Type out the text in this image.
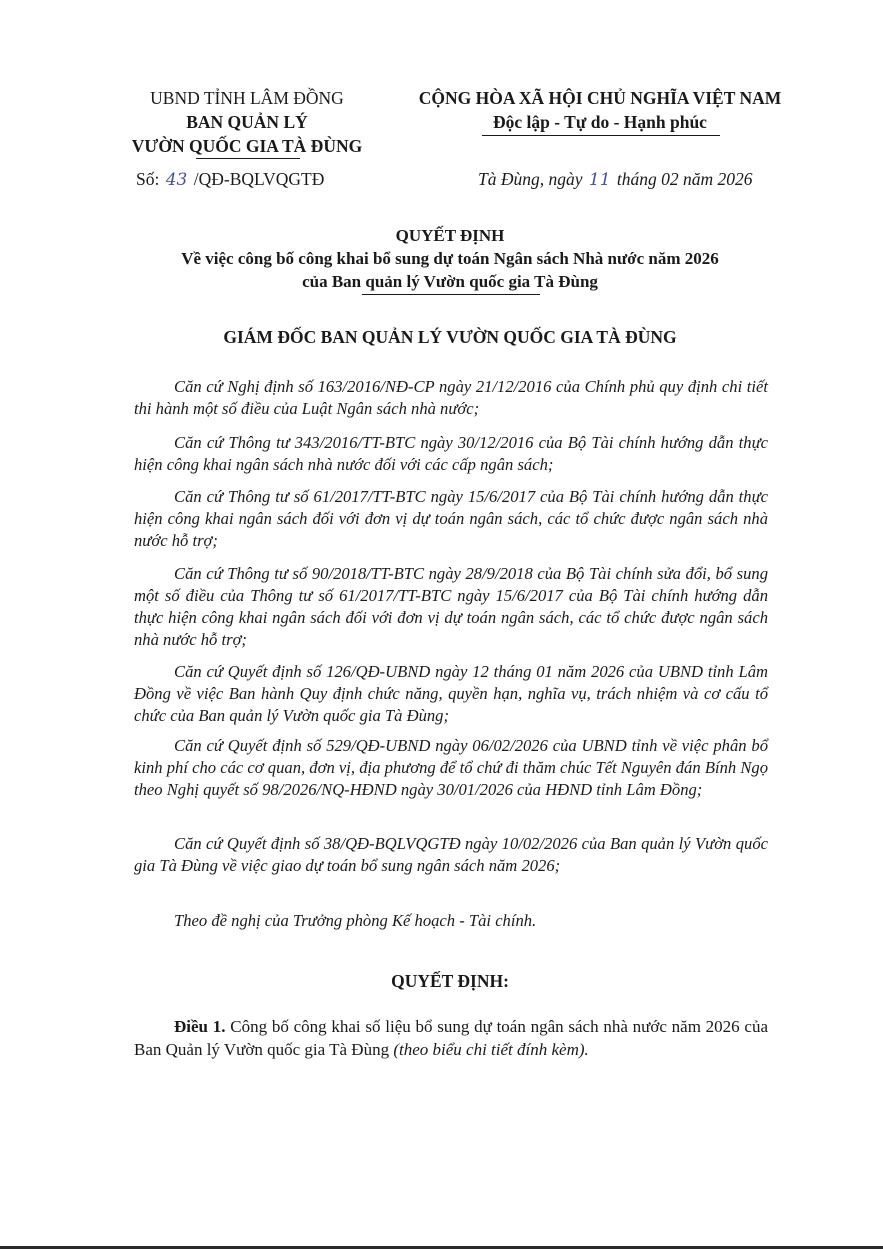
UBND TỈNH LÂM ĐỒNG
BAN QUẢN LÝ
VƯỜN QUỐC GIA TÀ ĐÙNG
Số: 43 /QĐ-BQLVQGTĐ
CỘNG HÒA XÃ HỘI CHỦ NGHĨA VIỆT NAM
Độc lập - Tự do - Hạnh phúc
Tà Đùng, ngày 11 tháng 02 năm 2026
QUYẾT ĐỊNH
Về việc công bố công khai bổ sung dự toán Ngân sách Nhà nước năm 2026
của Ban quản lý Vườn quốc gia Tà Đùng
GIÁM ĐỐC BAN QUẢN LÝ VƯỜN QUỐC GIA TÀ ĐÙNG
Căn cứ Nghị định số 163/2016/NĐ-CP ngày 21/12/2016 của Chính phủ quy định chi tiết thi hành một số điều của Luật Ngân sách nhà nước;
Căn cứ Thông tư 343/2016/TT-BTC ngày 30/12/2016 của Bộ Tài chính hướng dẫn thực hiện công khai ngân sách nhà nước đối với các cấp ngân sách;
Căn cứ Thông tư số 61/2017/TT-BTC ngày 15/6/2017 của Bộ Tài chính hướng dẫn thực hiện công khai ngân sách đối với đơn vị dự toán ngân sách, các tổ chức được ngân sách nhà nước hỗ trợ;
Căn cứ Thông tư số 90/2018/TT-BTC ngày 28/9/2018 của Bộ Tài chính sửa đổi, bổ sung một số điều của Thông tư số 61/2017/TT-BTC ngày 15/6/2017 của Bộ Tài chính hướng dẫn thực hiện công khai ngân sách đối với đơn vị dự toán ngân sách, các tổ chức được ngân sách nhà nước hỗ trợ;
Căn cứ Quyết định số 126/QĐ-UBND ngày 12 tháng 01 năm 2026 của UBND tỉnh Lâm Đồng về việc Ban hành Quy định chức năng, quyền hạn, nghĩa vụ, trách nhiệm và cơ cấu tổ chức của Ban quản lý Vườn quốc gia Tà Đùng;
Căn cứ Quyết định số 529/QĐ-UBND ngày 06/02/2026 của UBND tỉnh về việc phân bổ kinh phí cho các cơ quan, đơn vị, địa phương để tổ chứ đi thăm chúc Tết Nguyên đán Bính Ngọ theo Nghị quyết số 98/2026/NQ-HĐND ngày 30/01/2026 của HĐND tỉnh Lâm Đồng;
Căn cứ Quyết định số 38/QĐ-BQLVQGTĐ ngày 10/02/2026 của Ban quản lý Vườn quốc gia Tà Đùng về việc giao dự toán bổ sung ngân sách năm 2026;
Theo đề nghị của Trưởng phòng Kế hoạch - Tài chính.
QUYẾT ĐỊNH:
Điều 1. Công bố công khai số liệu bổ sung dự toán ngân sách nhà nước năm 2026 của Ban Quản lý Vườn quốc gia Tà Đùng (theo biểu chi tiết đính kèm).
